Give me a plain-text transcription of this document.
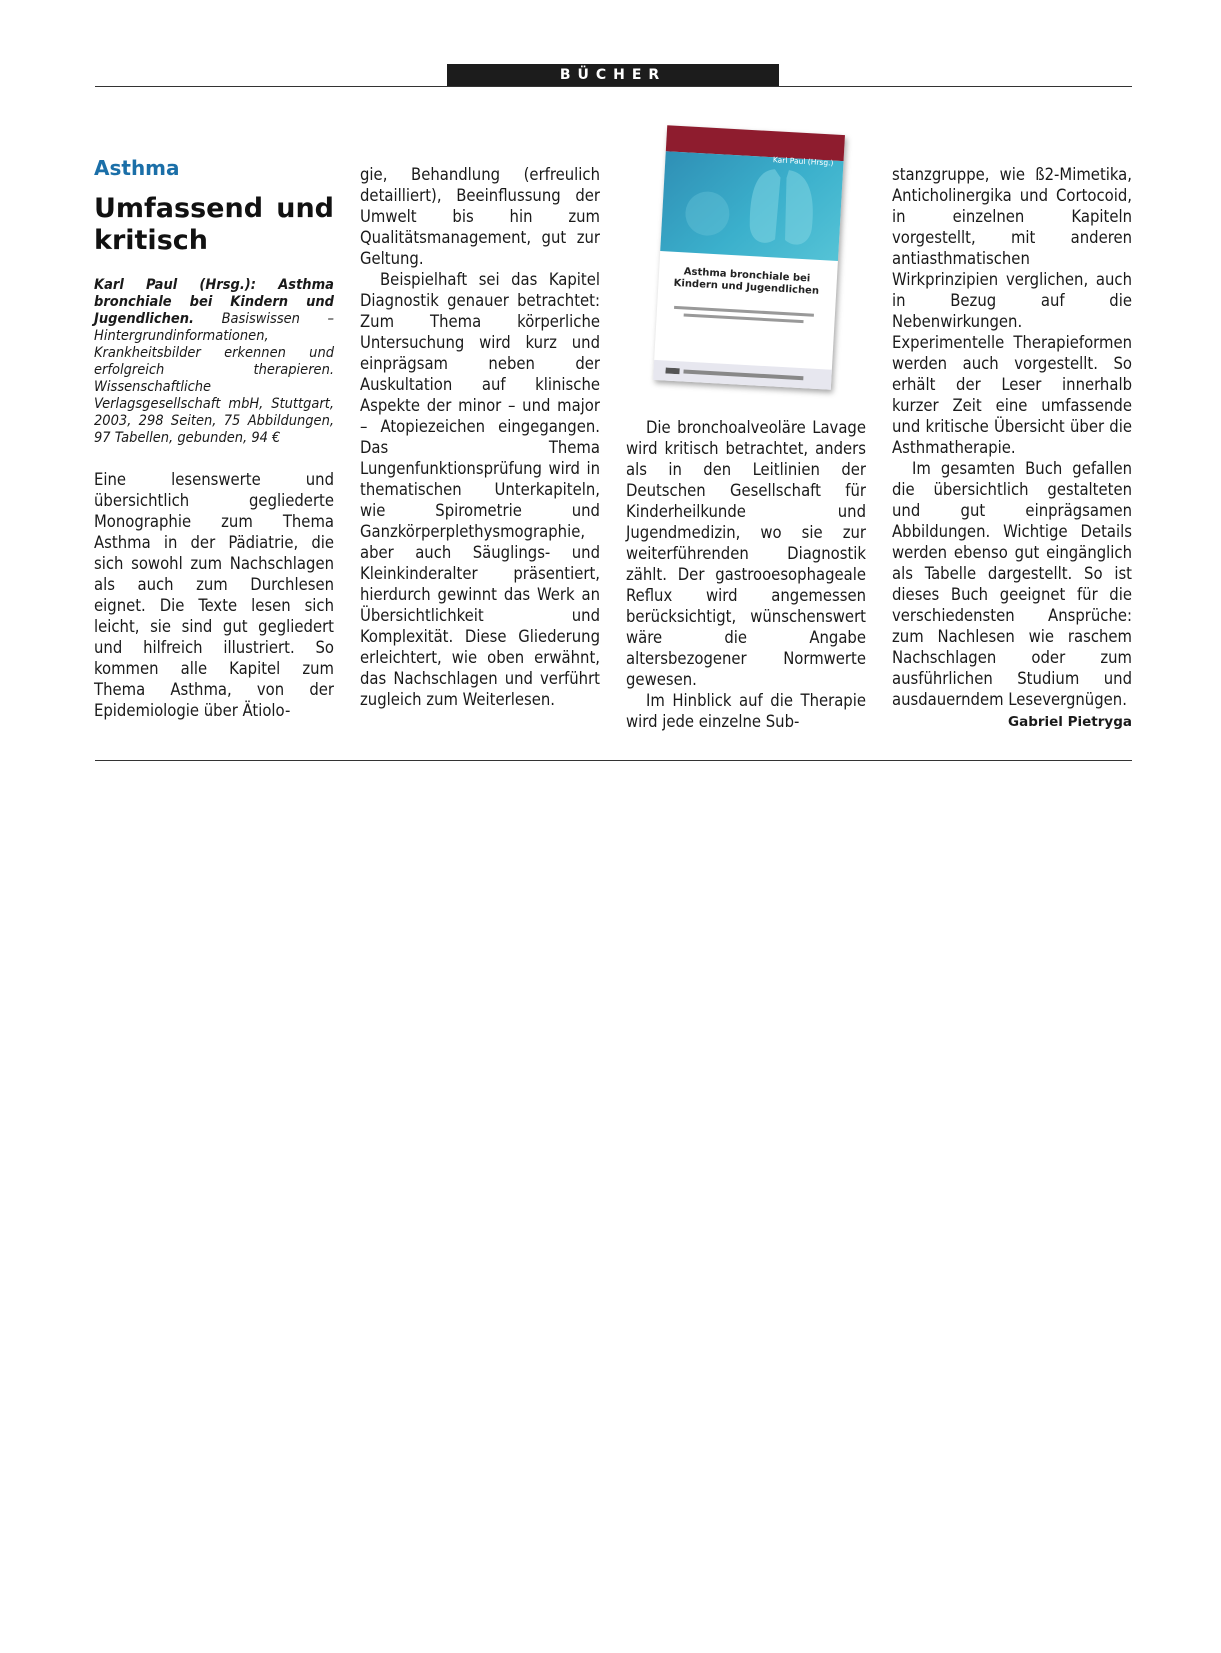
BÜCHER
Asthma
Umfassend und kritisch

Karl Paul (Hrsg.): Asthma bronchiale bei Kindern und Jugendlichen. Basiswissen – Hintergrundinformationen, Krankheitsbilder erkennen und erfolgreich therapieren. Wissenschaftliche Verlagsgesellschaft mbH, Stuttgart, 2003, 298 Seiten, 75 Abbildungen, 97 Tabellen, gebunden, 94 €

Eine lesenswerte und übersichtlich gegliederte Monographie zum Thema Asthma in der Pädiatrie, die sich sowohl zum Nachschlagen als auch zum Durchlesen eignet. Die Texte lesen sich leicht, sie sind gut gegliedert und hilfreich illustriert. So kommen alle Kapitel zum Thema Asthma, von der Epidemiologie über Ätiolo-

gie, Behandlung (erfreulich detailliert), Beeinflussung der Umwelt bis hin zum Qualitätsmanagement, gut zur Geltung.

Beispielhaft sei das Kapitel Diagnostik genauer betrachtet: Zum Thema körperliche Untersuchung wird kurz und einprägsam neben der Auskultation auf klinische Aspekte der minor – und major – Atopiezeichen eingegangen. Das Thema Lungenfunktionsprüfung wird in thematischen Unterkapiteln, wie Spirometrie und Ganzkörperplethysmographie, aber auch Säuglings- und Kleinkinderalter präsentiert, hierdurch gewinnt das Werk an Übersichtlichkeit und Komplexität. Diese Gliederung erleichtert, wie oben erwähnt, das Nachschlagen und verführt zugleich zum Weiterlesen.

Karl Paul (Hrsg.)
Asthma bronchiale bei Kindern und Jugendlichen

Die bronchoalveoläre Lavage wird kritisch betrachtet, anders als in den Leitlinien der Deutschen Gesellschaft für Kinderheilkunde und Jugendmedizin, wo sie zur weiterführenden Diagnostik zählt. Der gastrooesophageale Reflux wird angemessen berücksichtigt, wünschenswert wäre die Angabe altersbezogener Normwerte gewesen.

Im Hinblick auf die Therapie wird jede einzelne Sub-

stanzgruppe, wie ß2-Mimetika, Anticholinergika und Cortocoid, in einzelnen Kapiteln vorgestellt, mit anderen antiasthmatischen Wirkprinzipien verglichen, auch in Bezug auf die Nebenwirkungen. Experimentelle Therapieformen werden auch vorgestellt. So erhält der Leser innerhalb kurzer Zeit eine umfassende und kritische Übersicht über die Asthmatherapie.

Im gesamten Buch gefallen die übersichtlich gestalteten und gut einprägsamen Abbildungen. Wichtige Details werden ebenso gut eingänglich als Tabelle dargestellt. So ist dieses Buch geeignet für die verschiedensten Ansprüche: zum Nachlesen wie raschem Nachschlagen oder zum ausführlichen Studium und ausdauerndem Lesevergnügen.
Gabriel Pietryga
